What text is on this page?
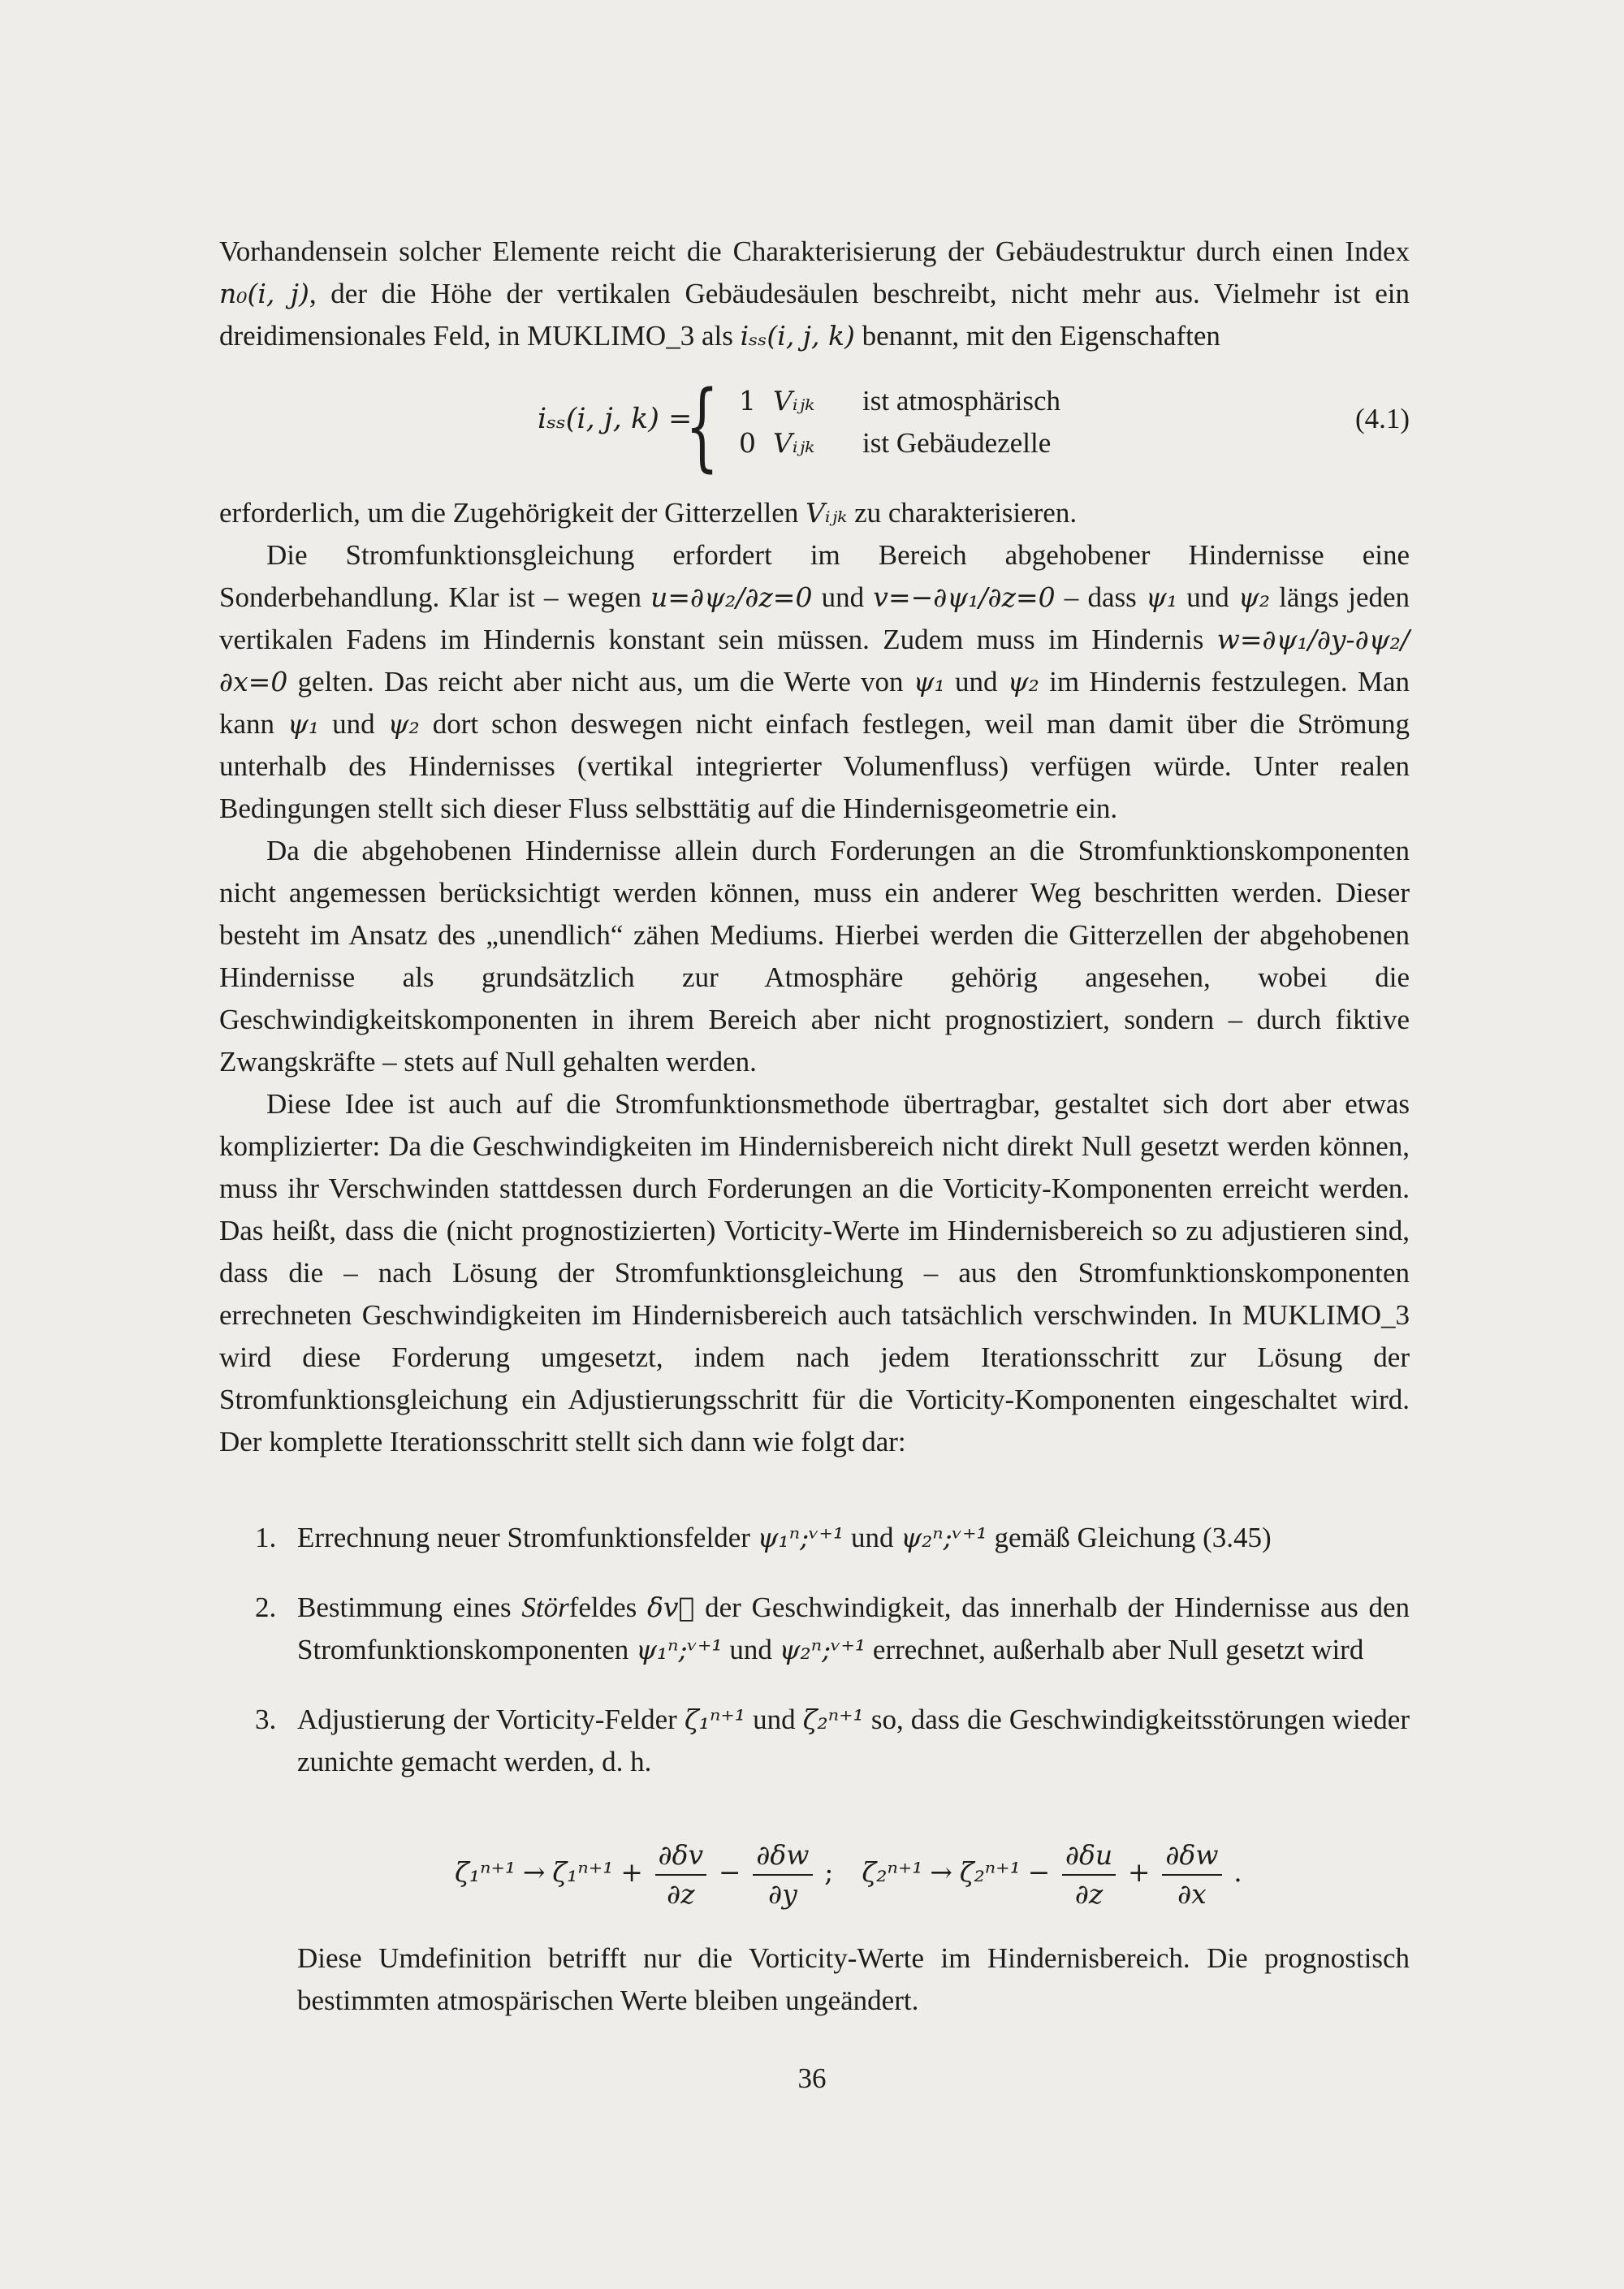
Vorhandensein solcher Elemente reicht die Charakterisierung der Gebäudestruktur durch einen Index n₀(i, j), der die Höhe der vertikalen Gebäudesäulen beschreibt, nicht mehr aus. Vielmehr ist ein dreidimensionales Feld, in MUKLIMO_3 als iₛₛ(i, j, k) benannt, mit den Eigenschaften

iₛₛ(i, j, k) =
{ 1 Vᵢⱼₖ ist atmosphärisch
0 Vᵢⱼₖ ist Gebäudezelle
(4.1)

erforderlich, um die Zugehörigkeit der Gitterzellen Vᵢⱼₖ zu charakterisieren.

Die Stromfunktionsgleichung erfordert im Bereich abgehobener Hindernisse eine Sonderbehandlung. Klar ist – wegen u=∂ψ₂/∂z=0 und v=−∂ψ₁/∂z=0 – dass ψ₁ und ψ₂ längs jeden vertikalen Fadens im Hindernis konstant sein müssen. Zudem muss im Hindernis w=∂ψ₁/∂y-∂ψ₂/∂x=0 gelten. Das reicht aber nicht aus, um die Werte von ψ₁ und ψ₂ im Hindernis festzulegen. Man kann ψ₁ und ψ₂ dort schon deswegen nicht einfach festlegen, weil man damit über die Strömung unterhalb des Hindernisses (vertikal integrierter Volumenfluss) verfügen würde. Unter realen Bedingungen stellt sich dieser Fluss selbsttätig auf die Hindernisgeometrie ein.

Da die abgehobenen Hindernisse allein durch Forderungen an die Stromfunktionskomponenten nicht angemessen berücksichtigt werden können, muss ein anderer Weg beschritten werden. Dieser besteht im Ansatz des „unendlich“ zähen Mediums. Hierbei werden die Gitterzellen der abgehobenen Hindernisse als grundsätzlich zur Atmosphäre gehörig angesehen, wobei die Geschwindigkeitskomponenten in ihrem Bereich aber nicht prognostiziert, sondern – durch fiktive Zwangskräfte – stets auf Null gehalten werden.

Diese Idee ist auch auf die Stromfunktionsmethode übertragbar, gestaltet sich dort aber etwas komplizierter: Da die Geschwindigkeiten im Hindernisbereich nicht direkt Null gesetzt werden können, muss ihr Verschwinden stattdessen durch Forderungen an die Vorticity-Komponenten erreicht werden. Das heißt, dass die (nicht prognostizierten) Vorticity-Werte im Hindernisbereich so zu adjustieren sind, dass die – nach Lösung der Stromfunktionsgleichung – aus den Stromfunktionskomponenten errechneten Geschwindigkeiten im Hindernisbereich auch tatsächlich verschwinden. In MUKLIMO_3 wird diese Forderung umgesetzt, indem nach jedem Iterationsschritt zur Lösung der Stromfunktionsgleichung ein Adjustierungsschritt für die Vorticity-Komponenten eingeschaltet wird. Der komplette Iterationsschritt stellt sich dann wie folgt dar:

1. Errechnung neuer Stromfunktionsfelder ψ₁ⁿ;ᵛ⁺¹ und ψ₂ⁿ;ᵛ⁺¹ gemäß Gleichung (3.45)
2. Bestimmung eines Störfeldes δv⃗ der Geschwindigkeit, das innerhalb der Hindernisse aus den Stromfunktionskomponenten ψ₁ⁿ;ᵛ⁺¹ und ψ₂ⁿ;ᵛ⁺¹ errechnet, außerhalb aber Null gesetzt wird
3. Adjustierung der Vorticity-Felder ζ₁ⁿ⁺¹ und ζ₂ⁿ⁺¹ so, dass die Geschwindigkeitsstörungen wieder zunichte gemacht werden, d. h.
$\zeta_1^{n+1} \to \zeta_1^{n+1} + \frac{\partial\delta v}{\partial z} - \frac{\partial\delta w}{\partial y}$ ; $\zeta_2^{n+1} \to \zeta_2^{n+1} - \frac{\partial\delta u}{\partial z} + \frac{\partial\delta w}{\partial x}$ .

Diese Umdefinition betrifft nur die Vorticity-Werte im Hindernisbereich. Die prognostisch bestimmten atmospärischen Werte bleiben ungeändert.

36
